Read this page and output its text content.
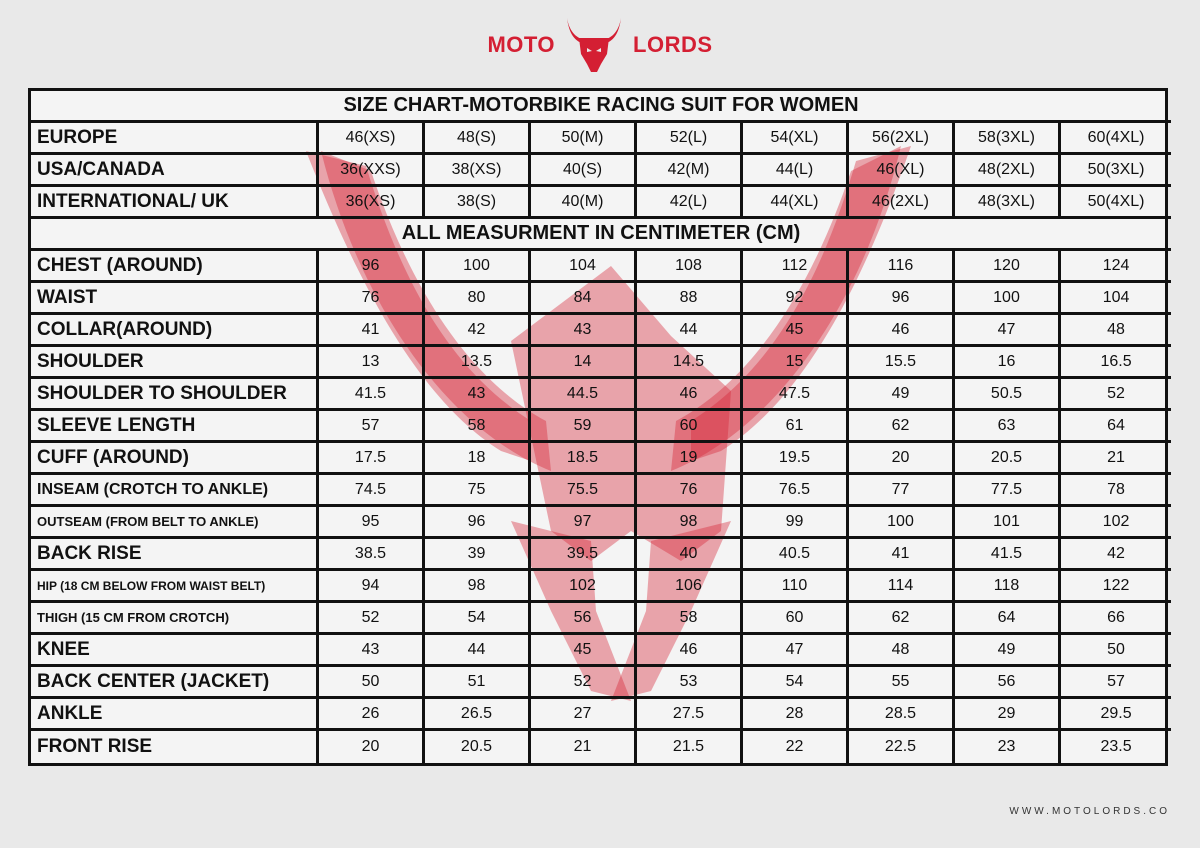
MOTO	LORDS
SIZE CHART-MOTORBIKE RACING SUIT FOR WOMEN								
EUROPE	46(XS)	48(S)	50(M)	52(L)	54(XL)	56(2XL)	58(3XL)	60(4XL)
USA/CANADA	36(XXS)	38(XS)	40(S)	42(M)	44(L)	46(XL)	48(2XL)	50(3XL)
INTERNATIONAL/ UK	36(XS)	38(S)	40(M)	42(L)	44(XL)	46(2XL)	48(3XL)	50(4XL)
ALL MEASURMENT IN CENTIMETER (CM)								
CHEST (AROUND)	96	100	104	108	112	116	120	124
WAIST	76	80	84	88	92	96	100	104
COLLAR(AROUND)	41	42	43	44	45	46	47	48
SHOULDER	13	13.5	14	14.5	15	15.5	16	16.5
SHOULDER TO SHOULDER	41.5	43	44.5	46	47.5	49	50.5	52
SLEEVE LENGTH	57	58	59	60	61	62	63	64
CUFF (AROUND)	17.5	18	18.5	19	19.5	20	20.5	21
INSEAM (CROTCH TO ANKLE)	74.5	75	75.5	76	76.5	77	77.5	78
OUTSEAM (FROM BELT TO ANKLE)	95	96	97	98	99	100	101	102
BACK RISE	38.5	39	39.5	40	40.5	41	41.5	42
HIP (18 CM BELOW FROM WAIST BELT)	94	98	102	106	110	114	118	122
THIGH (15 CM FROM CROTCH)	52	54	56	58	60	62	64	66
KNEE	43	44	45	46	47	48	49	50
BACK CENTER (JACKET)	50	51	52	53	54	55	56	57
ANKLE	26	26.5	27	27.5	28	28.5	29	29.5
FRONT RISE	20	20.5	21	21.5	22	22.5	23	23.5
WWW.MOTOLORDS.CO
